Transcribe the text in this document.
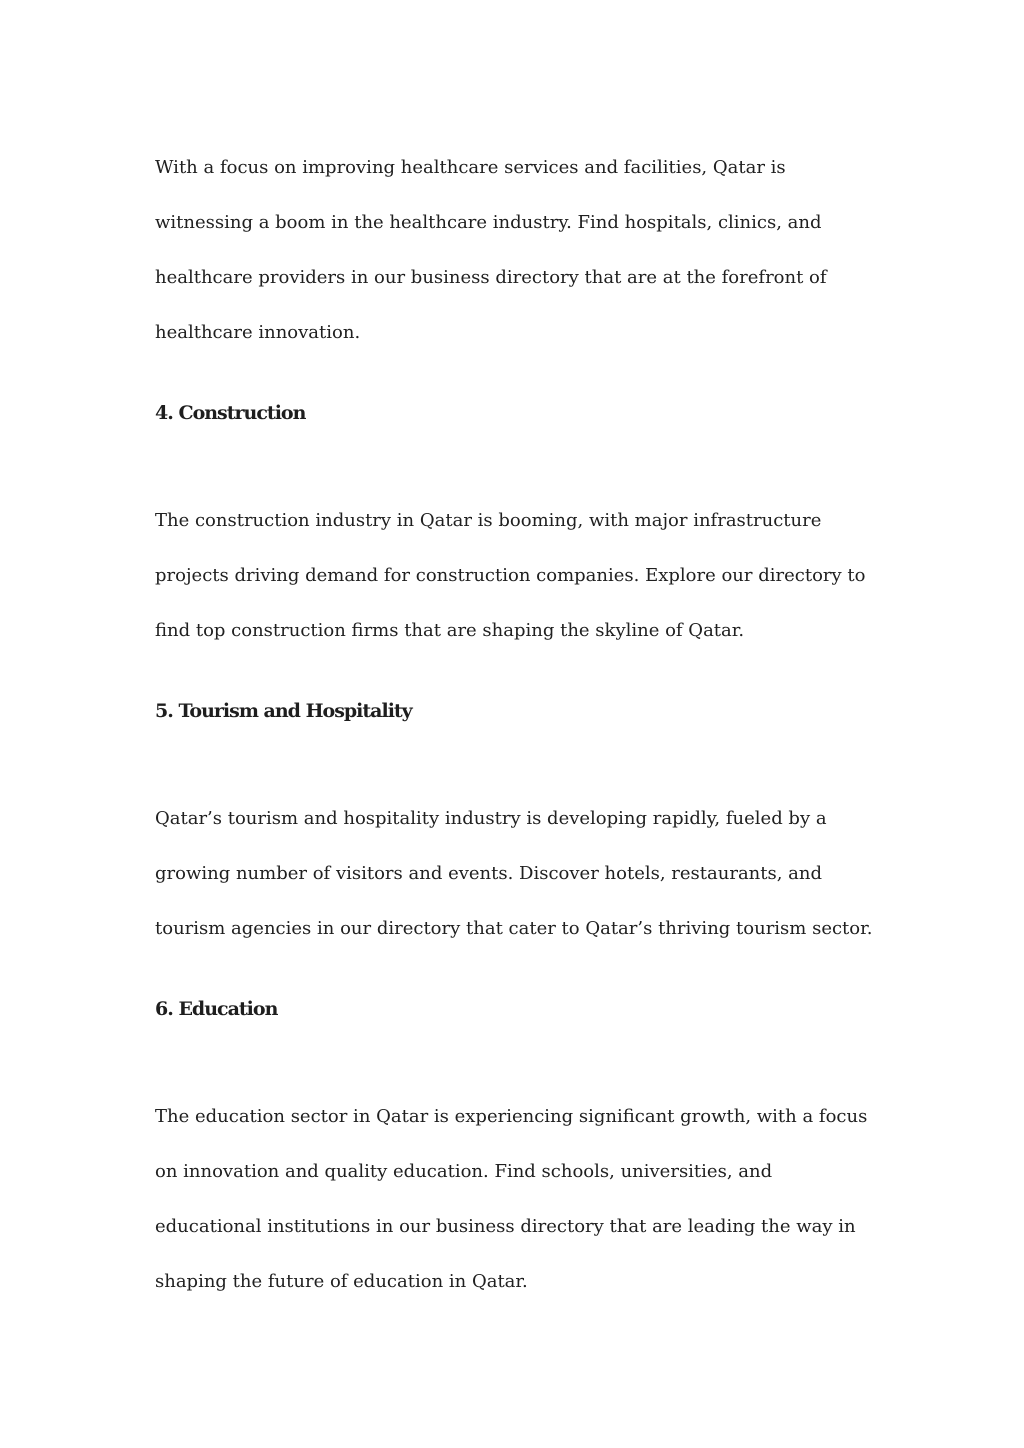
With a focus on improving healthcare services and facilities, Qatar is witnessing a boom in the healthcare industry. Find hospitals, clinics, and healthcare providers in our business directory that are at the forefront of healthcare innovation.

4. Construction

The construction industry in Qatar is booming, with major infrastructure projects driving demand for construction companies. Explore our directory to find top construction firms that are shaping the skyline of Qatar.

5. Tourism and Hospitality

Qatar’s tourism and hospitality industry is developing rapidly, fueled by a growing number of visitors and events. Discover hotels, restaurants, and tourism agencies in our directory that cater to Qatar’s thriving tourism sector.

6. Education

The education sector in Qatar is experiencing significant growth, with a focus on innovation and quality education. Find schools, universities, and educational institutions in our business directory that are leading the way in shaping the future of education in Qatar.
